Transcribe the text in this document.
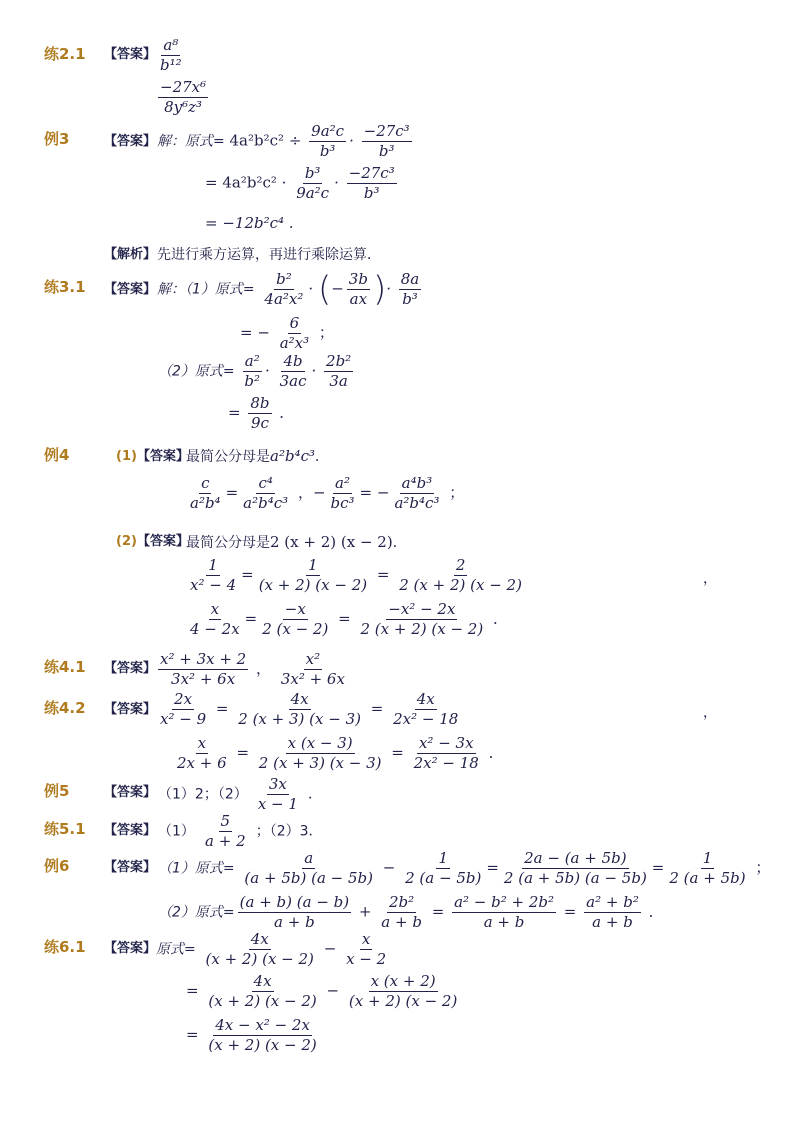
练2.1 【答案】 $\frac{\text{a⁸}}{\text{b¹²}}$
$\frac{\text{−27x⁶}}{\text{8y⁶z³}}$
例3	【答案】 解：原式= $4a^2b^2c^2 \div \frac{\text{9a²c}}{\text{b³}} \cdot \frac{\text{−27c³}}{\text{b³}}$
= $4a^2b^2c^2 \cdot \frac{\text{b³}}{\text{9a²c}} \cdot \frac{\text{−27c³}}{\text{b³}}$
= −12b²c⁴ .
【解析】 先进行乘方运算，再进行乘除运算．
练3.1 【答案】 解：（1）原式= $\frac{\text{b²}}{\text{4a²x²}}$ · (− $\frac{3b}{ax}$ )· $\frac{8a}{\text{b³}}$
= − $\frac{6}{\text{a²x³}}$ ；
（2）原式= $\frac{\text{a²}}{\text{b²}} \cdot \frac{4b}{3ac} \cdot \frac{\text{2b²}}{3a}$
= $\frac{8b}{9c}$ ．
例4	(1)【答案】
最简公分母是a²b⁴c³．
$\frac{c}{\text{a²b⁴}} = \frac{\text{c⁴}}{\text{a²b⁴c³}}$ ，− $\frac{\text{a²}}{\text{bc³}}$ = − $\frac{\text{a⁴b³}}{\text{a²b⁴c³}}$ ；
(2)【答案】
最简公分母是2 (x + 2) (x − 2)．
$\frac{1}{\text{x² − 4}} = \frac{1}{(x + 2) (x - 2)} = \frac{2}{2 (x + 2) (x - 2)}$	，
$\frac{x}{4 - 2x} = \frac{-x}{2 (x - 2)} = \frac{\text{−x² − 2x}}{2 (x + 2) (x - 2)}$ ．
练4.1 【答案】 $\frac{\text{x² + 3x + 2}}{\text{3x² + 6x}}$ ， $\frac{\text{x²}}{\text{3x² + 6x}}$
练4.2 【答案】 $\frac{2x}{\text{x² − 9}} = \frac{4x}{2 (x + 3) (x - 3)} = \frac{4x}{\text{2x² − 18}}$	，
$\frac{x}{2x + 6} = \frac{x (x - 3)}{2 (x + 3) (x - 3)} = \frac{\text{x² − 3x}}{\text{2x² − 18}}$ ．
例5	【答案】 （1）2；$(2) \frac{3x}{x - 1}$ ．
练5.1 【答案】 $(1) \frac{5}{a + 2}$ ；（2）3．
例6	【答案】 （1）原式= $\frac{a}{(a + 5b) (a - 5b)} - \frac{1}{2 (a - 5b)} = \frac{2a - (a + 5b)}{2 (a + 5b) (a - 5b)} = \frac{1}{2 (a + 5b)}$ ；
（2）原式= $\frac{(a + b) (a - b)}{a + b} + \frac{\text{2b²}}{a + b} = \frac{\text{a² − b² + 2b²}}{a + b} = \frac{\text{a² + b²}}{a + b}$ ．
练6.1 【答案】 原式= $\frac{4x}{(x + 2) (x - 2)} - \frac{x}{x - 2}$
= $\frac{4x}{(x + 2) (x - 2)} - \frac{x (x + 2)}{(x + 2) (x - 2)}$
= $\frac{\text{4x − x² − 2x}}{(x + 2) (x - 2)}$
